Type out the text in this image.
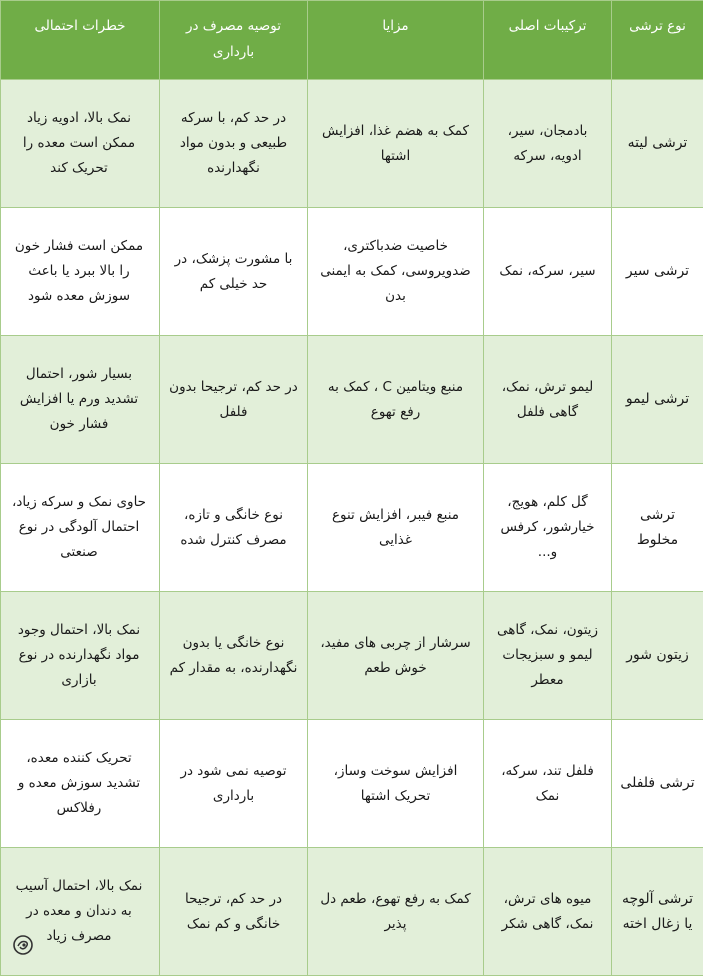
نوع ترشی	ترکیبات اصلی	مزایا	توصیه مصرف در بارداری	خطرات احتمالی
ترشی لیته	بادمجان، سیر، ادویه، سرکه	کمک به هضم غذا، افزایش اشتها	در حد کم، با سرکه طبیعی و بدون مواد نگهدارنده	نمک بالا، ادویه زیاد ممکن است معده را تحریک کند
ترشی سیر	سیر، سرکه، نمک	خاصیت ضدباکتری، ضدویروسی، کمک به ایمنی بدن	با مشورت پزشک، در حد خیلی کم	ممکن است فشار خون را بالا ببرد یا باعث سوزش معده شود
ترشی لیمو	لیمو ترش، نمک، گاهی فلفل	منبع ویتامین C ، کمک به رفع تهوع	در حد کم، ترجیحا بدون فلفل	بسیار شور، احتمال تشدید ورم یا افزایش فشار خون
ترشی مخلوط	گل کلم، هویج، خیارشور، کرفس و...	منبع فیبر، افزایش تنوع غذایی	نوع خانگی و تازه، مصرف کنترل شده	حاوی نمک و سرکه زیاد، احتمال آلودگی در نوع صنعتی
زیتون شور	زیتون، نمک، گاهی لیمو و سبزیجات معطر	سرشار از چربی های مفید، خوش طعم	نوع خانگی یا بدون نگهدارنده، به مقدار کم	نمک بالا، احتمال وجود مواد نگهدارنده در نوع بازاری
ترشی فلفلی	فلفل تند، سرکه، نمک	افزایش سوخت وساز، تحریک اشتها	توصیه نمی شود در بارداری	تحریک کننده معده، تشدید سوزش معده و رفلاکس
ترشی آلوچه یا زغال اخته	میوه های ترش، نمک، گاهی شکر	کمک به رفع تهوع، طعم دل پذیر	در حد کم، ترجیحا خانگی و کم نمک	نمک بالا، احتمال آسیب به دندان و معده در مصرف زیاد
